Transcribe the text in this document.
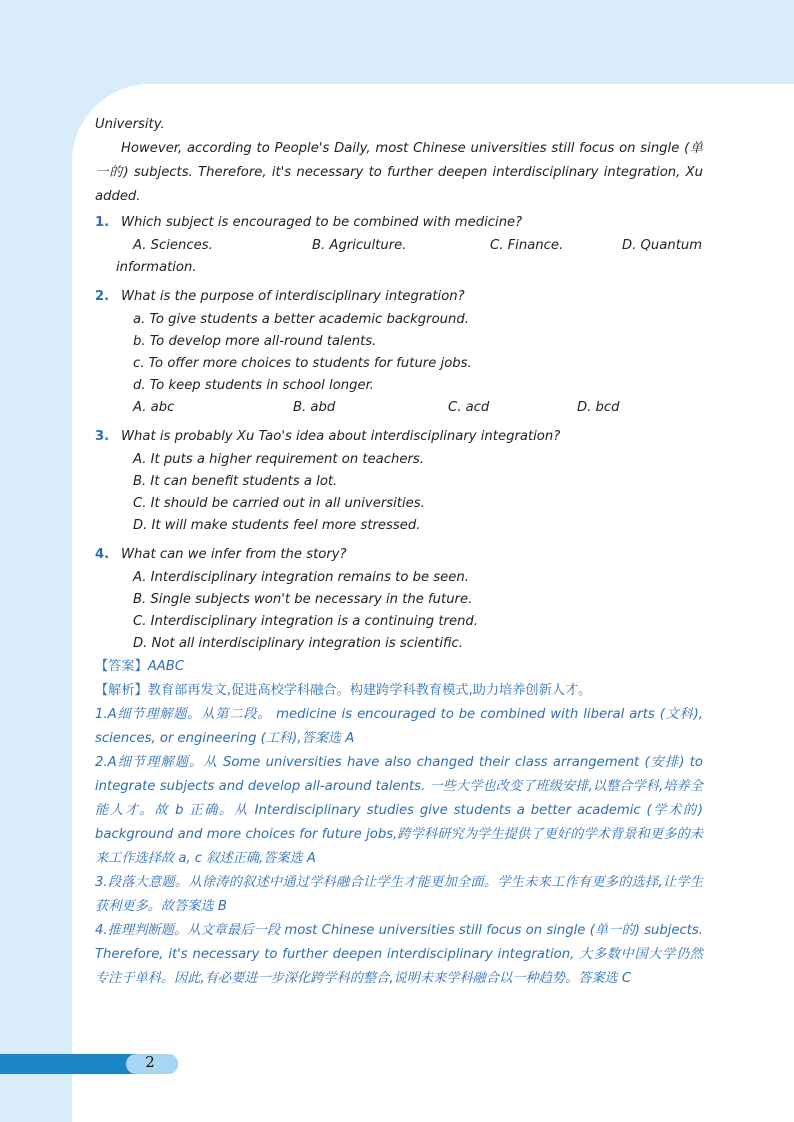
University.
However, according to People's Daily, most Chinese universities still focus on single (单一的) subjects. Therefore, it's necessary to further deepen interdisciplinary integration, Xu added.
1. Which subject is encouraged to be combined with medicine?
A. Sciences.	B. Agriculture.	C. Finance.	D. Quantum
information.
2. What is the purpose of interdisciplinary integration?
a. To give students a better academic background.
b. To develop more all-round talents.
c. To offer more choices to students for future jobs.
d. To keep students in school longer.
A. abc	B. abd	C. acd	D. bcd
3. What is probably Xu Tao's idea about interdisciplinary integration?
A. It puts a higher requirement on teachers.
B. It can benefit students a lot.
C. It should be carried out in all universities.
D. It will make students feel more stressed.
4. What can we infer from the story?
A. Interdisciplinary integration remains to be seen.
B. Single subjects won't be necessary in the future.
C. Interdisciplinary integration is a continuing trend.
D. Not all interdisciplinary integration is scientific.

【答案】AABC

【解析】教育部再发文,促进高校学科融合。构建跨学科教育模式,助力培养创新人才。

1.A细节理解题。从第二段。 medicine is encouraged to be combined with liberal arts (文科), sciences, or engineering (工科),答案选 A

2.A细节理解题。从 Some universities have also changed their class arrangement (安排) to integrate subjects and develop all-around talents. 一些大学也改变了班级安排,以整合学科,培养全能人才。故 b 正确。从 Interdisciplinary studies give students a better academic (学术的) background and more choices for future jobs,跨学科研究为学生提供了更好的学术背景和更多的未来工作选择故 a, c 叙述正确,答案选 A

3.段落大意题。从徐涛的叙述中通过学科融合让学生才能更加全面。学生未来工作有更多的选择,让学生获利更多。故答案选 B

4.推理判断题。从文章最后一段 most Chinese universities still focus on single (单一的) subjects. Therefore, it's necessary to further deepen interdisciplinary integration, 大多数中国大学仍然专注于单科。因此,有必要进一步深化跨学科的整合,说明未来学科融合以一种趋势。答案选 C

2
